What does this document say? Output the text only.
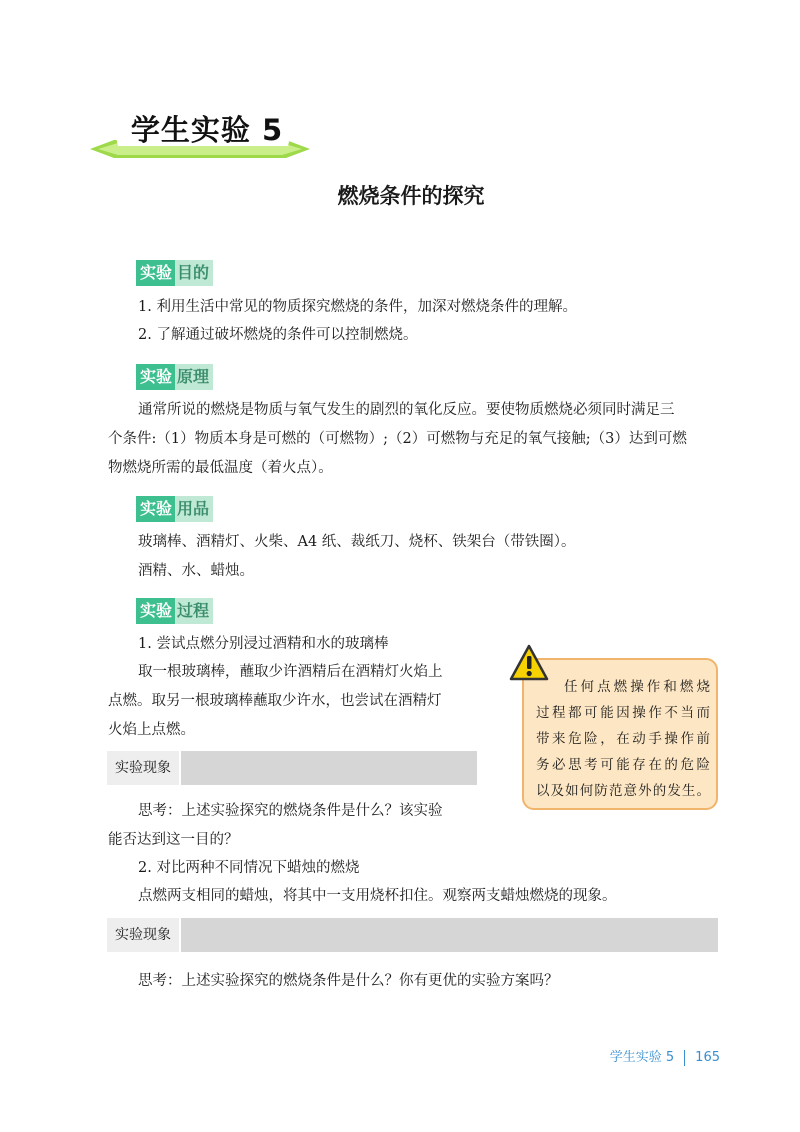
学生实验 5
燃烧条件的探究
实验 目的
1. 利用生活中常见的物质探究燃烧的条件，加深对燃烧条件的理解。
2. 了解通过破坏燃烧的条件可以控制燃烧。
实验 原理
通常所说的燃烧是物质与氧气发生的剧烈的氧化反应。要使物质燃烧必须同时满足三
个条件:（1）物质本身是可燃的（可燃物）;（2）可燃物与充足的氧气接触;（3）达到可燃
物燃烧所需的最低温度（着火点）。
实验 用品
玻璃棒、酒精灯、火柴、A4 纸、裁纸刀、烧杯、铁架台（带铁圈）。
酒精、水、蜡烛。
实验 过程
1. 尝试点燃分别浸过酒精和水的玻璃棒
取一根玻璃棒，蘸取少许酒精后在酒精灯火焰上
点燃。取另一根玻璃棒蘸取少许水，也尝试在酒精灯
火焰上点燃。
实验现象
思考：上述实验探究的燃烧条件是什么？该实验
能否达到这一目的？
2. 对比两种不同情况下蜡烛的燃烧
点燃两支相同的蜡烛，将其中一支用烧杯扣住。观察两支蜡烛燃烧的现象。
实验现象
思考：上述实验探究的燃烧条件是什么？你有更优的实验方案吗？
任何点燃操作和燃烧
过程都可能因操作不当而
带来危险，在动手操作前
务必思考可能存在的危险
以及如何防范意外的发生。
学生实验 5 165
